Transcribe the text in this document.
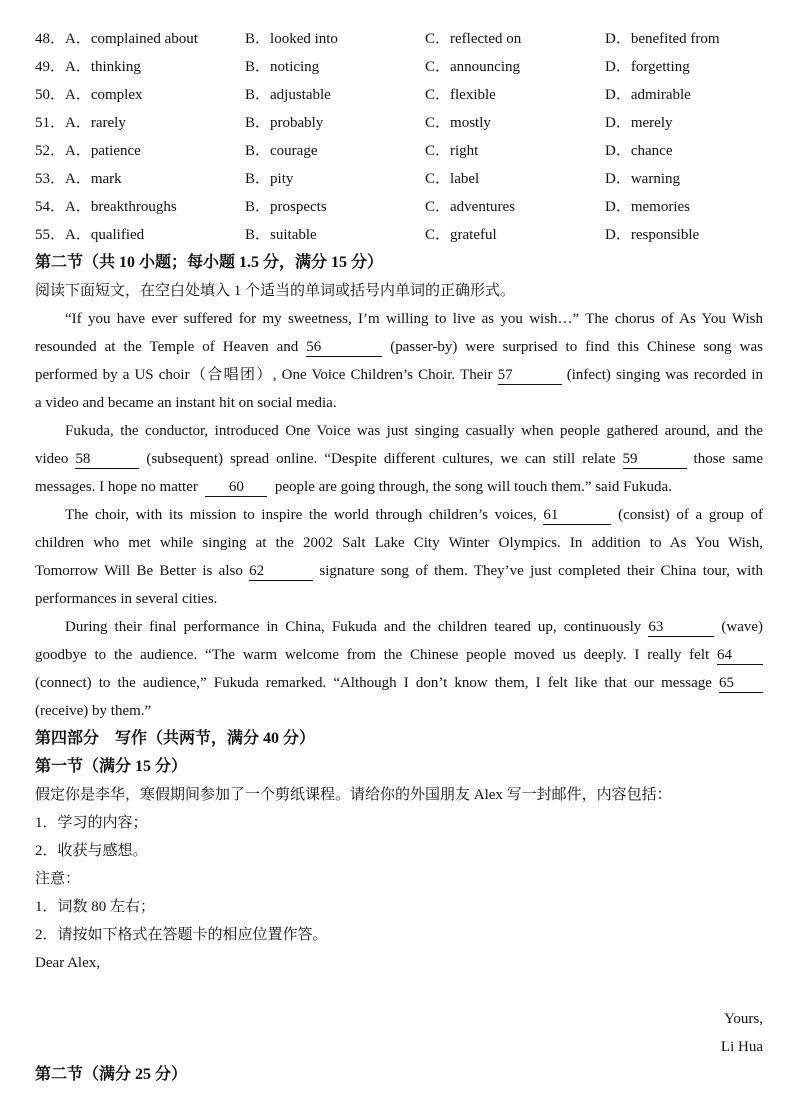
48． A．complained about	B．looked into	C．reflected on	D．benefited from
49． A．thinking	B．noticing	C．announcing	D．forgetting
50． A．complex	B．adjustable	C．flexible	D．admirable
51． A．rarely	B．probably	C．mostly	D．merely
52． A．patience	B．courage	C．right	D．chance
53． A．mark	B．pity	C．label	D．warning
54． A．breakthroughs	B．prospects	C．adventures	D．memories
55． A．qualified	B．suitable	C．grateful	D．responsible
第二节（共 10 小题；每小题 1.5 分，满分 15 分）
阅读下面短文，在空白处填入 1 个适当的单词或括号内单词的正确形式。
“If you have ever suffered for my sweetness, I’m willing to live as you wish…” The chorus of As You Wish
resounded at the Temple of Heaven and 56	(passer-by) were surprised to find this Chinese song was
performed by a US choir（合唱团）, One Voice Children’s Choir. Their 57	(infect) singing was recorded in
a video and became an instant hit on social media.
Fukuda, the conductor, introduced One Voice was just singing casually when people gathered around, and the
video 58	(subsequent) spread online. “Despite different cultures, we can still relate 59	those same
messages. I hope no matter 60 people are going through, the song will touch them.” said Fukuda.
The choir, with its mission to inspire the world through children’s voices, 61	(consist) of a group of
children who met while singing at the 2002 Salt Lake City Winter Olympics. In addition to As You Wish,
Tomorrow Will Be Better is also 62	signature song of them. They’ve just completed their China tour, with
performances in several cities.
During their final performance in China, Fukuda and the children teared up, continuously 63	(wave)
goodbye to the audience. “The warm welcome from the Chinese people moved us deeply. I really felt 64
(connect) to the audience,” Fukuda remarked. “Although I don’t know them, I felt like that our message 65
(receive) by them.”
第四部分　写作（共两节，满分 40 分）
第一节（满分 15 分）
假定你是李华，寒假期间参加了一个剪纸课程。请给你的外国朋友 Alex 写一封邮件，内容包括：
1．学习的内容；
2．收获与感想。
注意：
1．词数 80 左右；
2．请按如下格式在答题卡的相应位置作答。
Dear Alex,
Yours,
Li Hua
第二节（满分 25 分）
